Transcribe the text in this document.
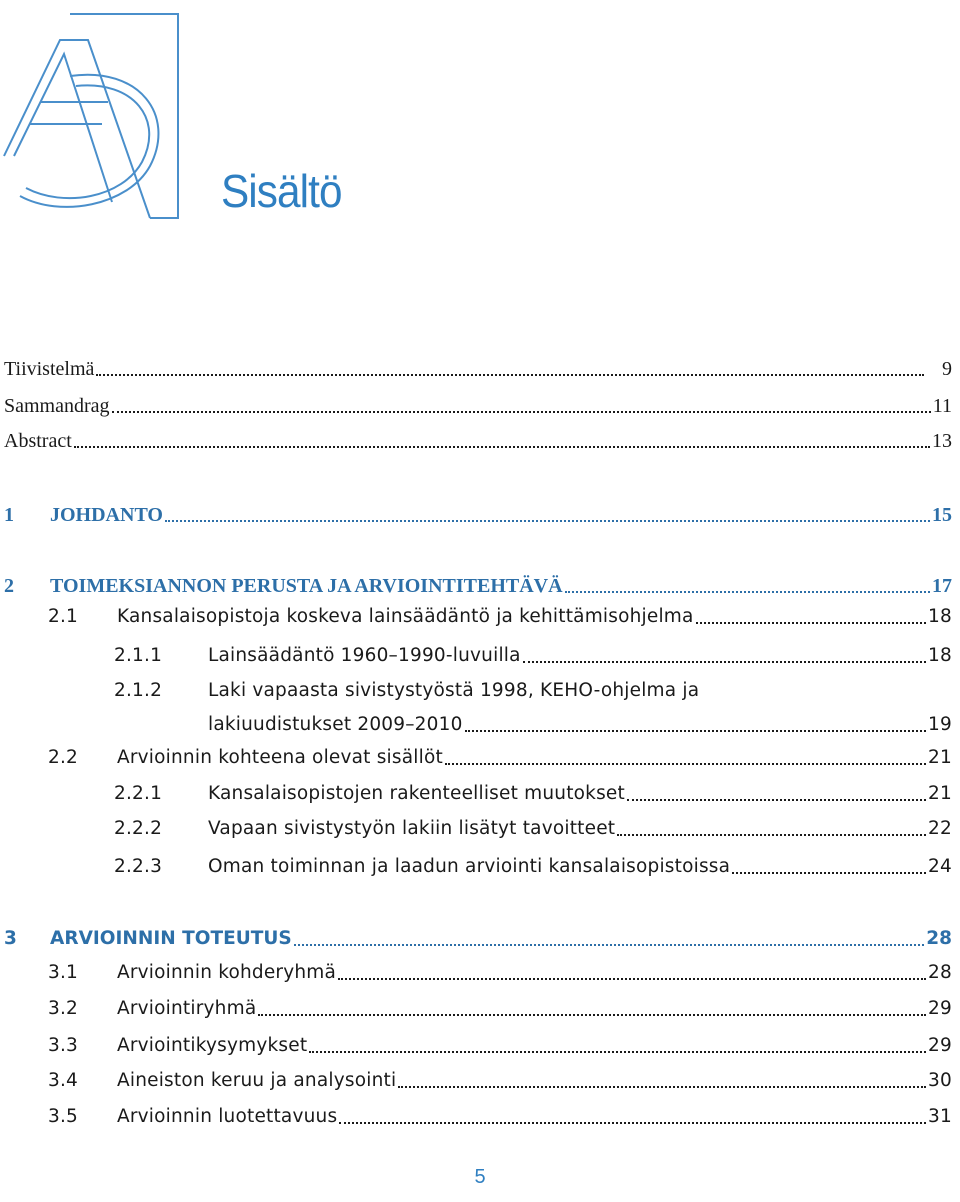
Sisältö
Tiivistelmä	9
Sammandrag	11
Abstract	13
1	JOHDANTO	15
2	TOIMEKSIANNON PERUSTA JA ARVIOINTITEHTÄVÄ	17
2.1	Kansalaisopistoja koskeva lainsäädäntö ja kehittämisohjelma	18
2.1.1	Lainsäädäntö 1960–1990-luvuilla	18
2.1.2	Laki vapaasta sivistystyöstä 1998, KEHO-ohjelma ja
lakiuudistukset 2009–2010	19
2.2	Arvioinnin kohteena olevat sisällöt	21
2.2.1	Kansalaisopistojen rakenteelliset muutokset	21
2.2.2	Vapaan sivistystyön lakiin lisätyt tavoitteet	22
2.2.3	Oman toiminnan ja laadun arviointi kansalaisopistoissa	24
3	ARVIOINNIN TOTEUTUS	28
3.1	Arvioinnin kohderyhmä	28
3.2	Arviointiryhmä	29
3.3	Arviointikysymykset	29
3.4	Aineiston keruu ja analysointi	30
3.5	Arvioinnin luotettavuus	31
5
